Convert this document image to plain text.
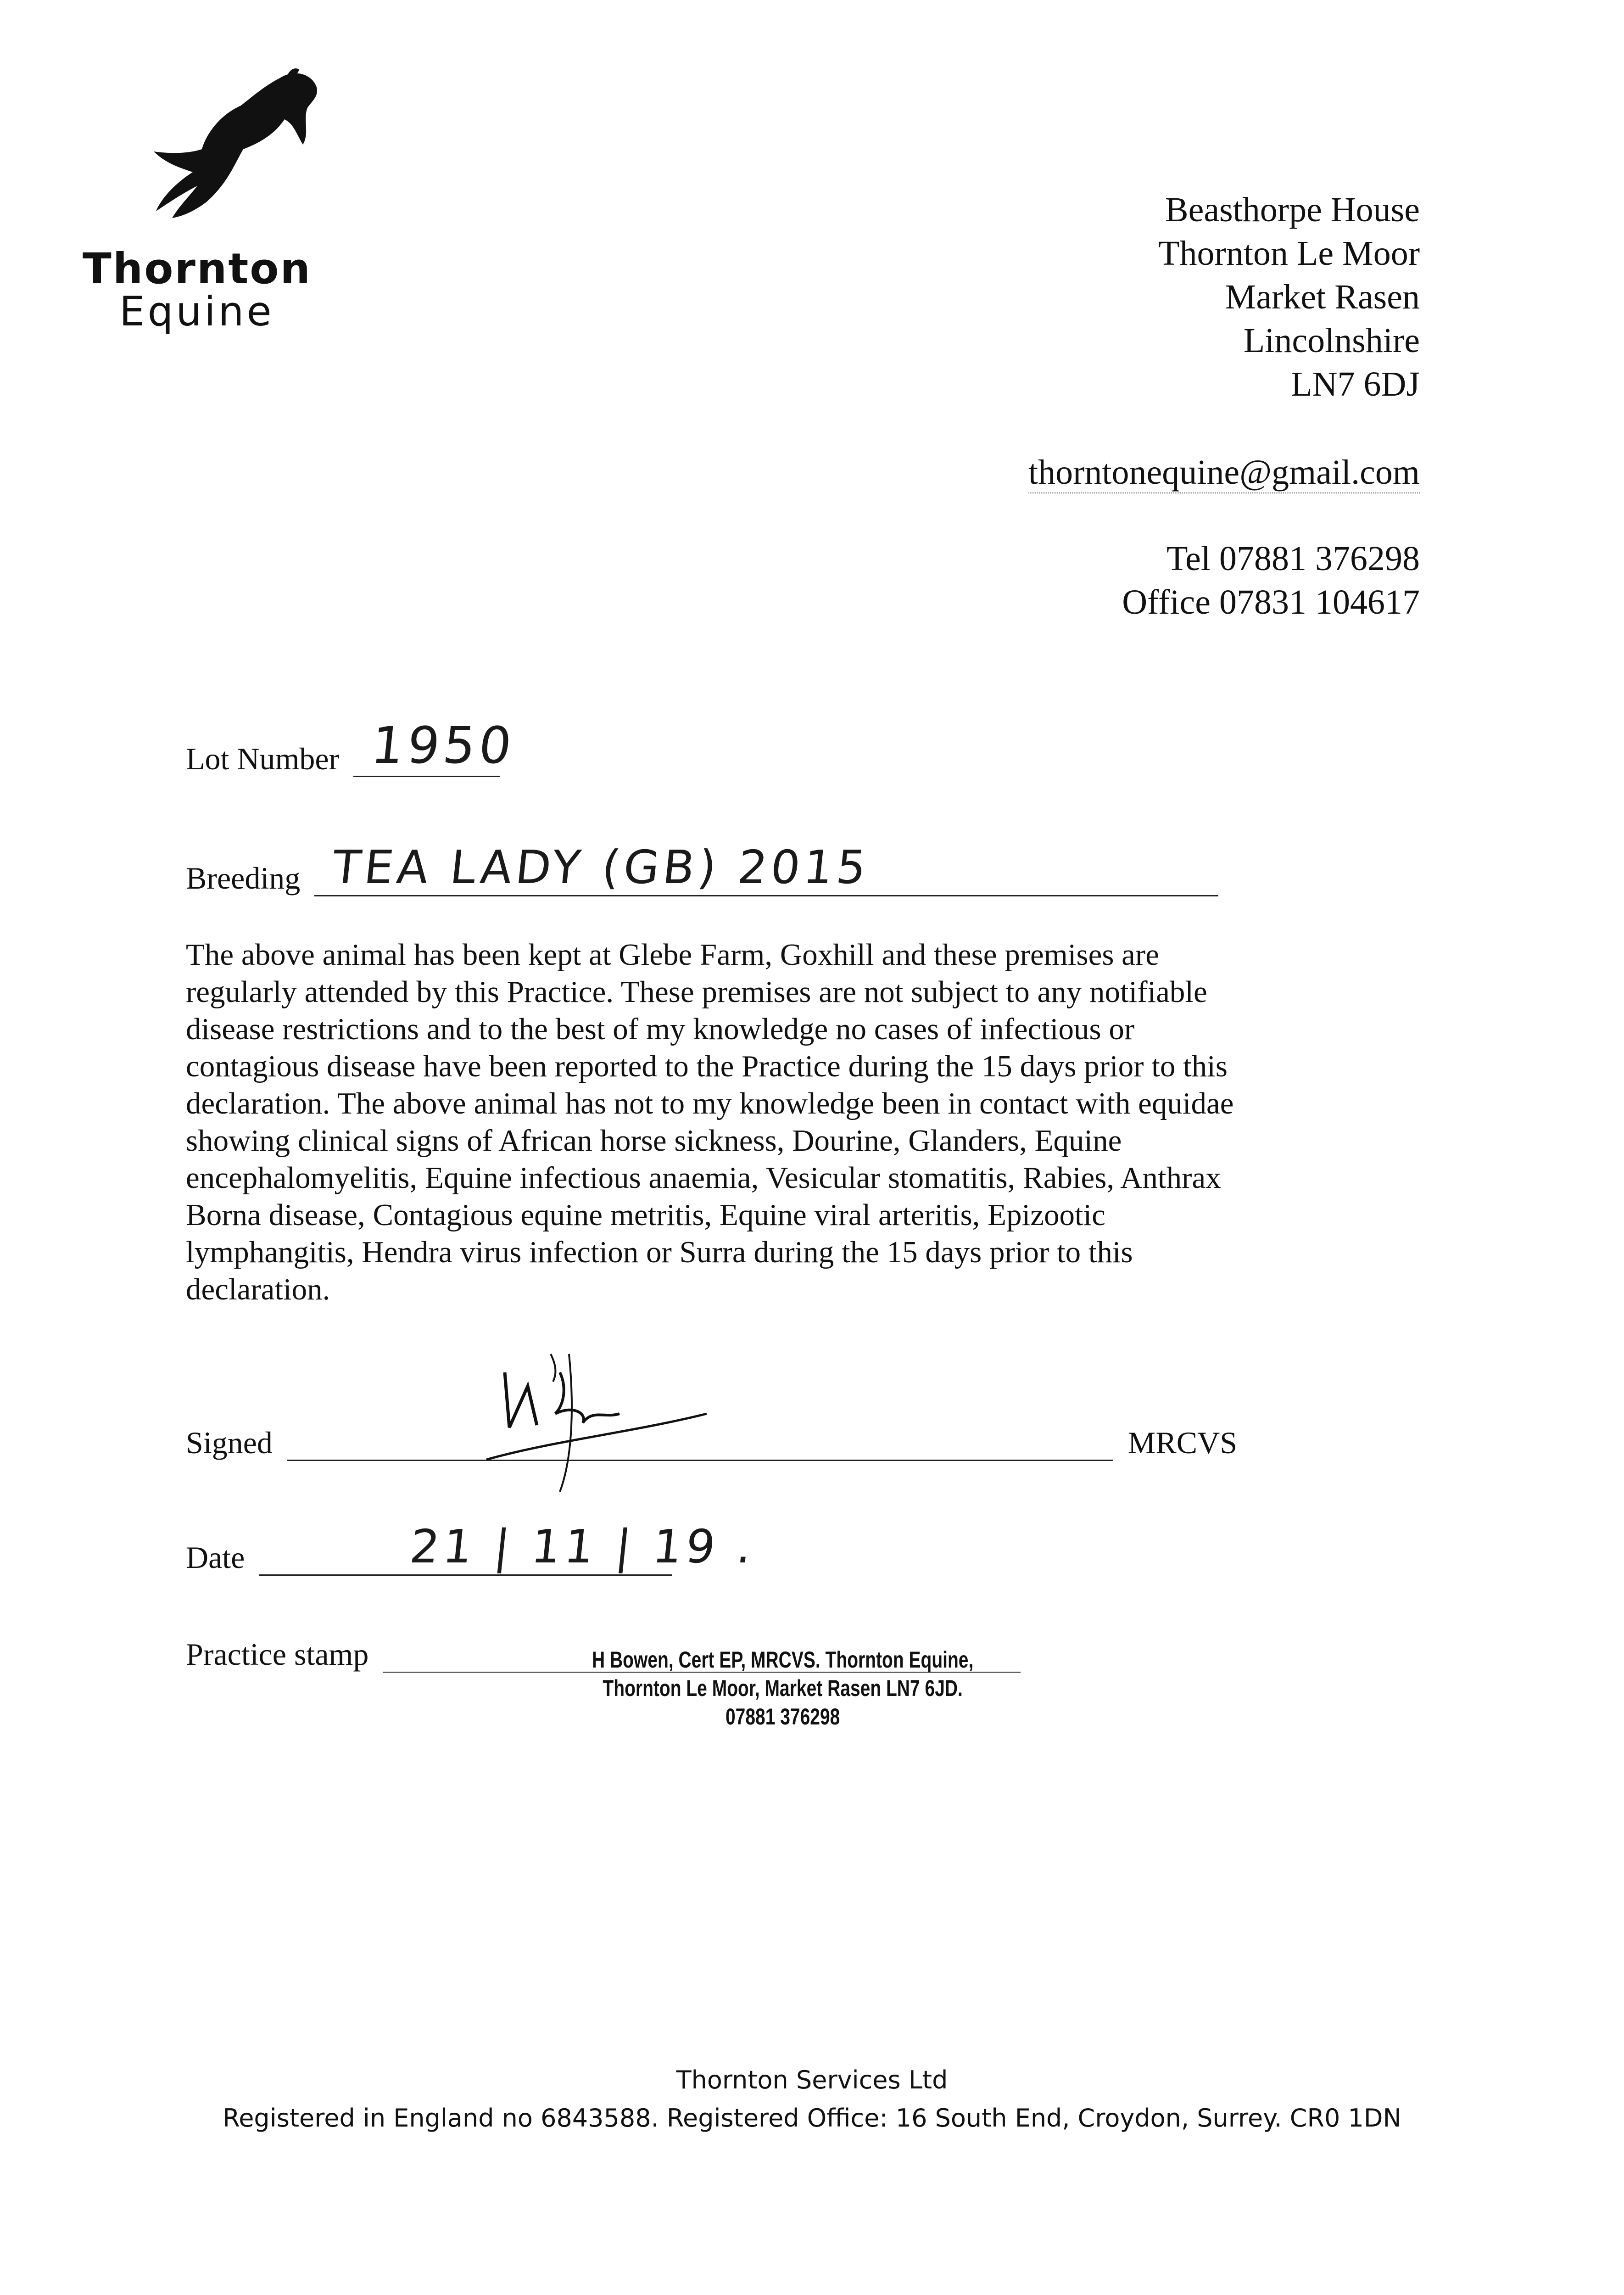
Thornton
Equine
Beasthorpe House
Thornton Le Moor
Market Rasen
Lincolnshire
LN7 6DJ
thorntonequine@gmail.com
Tel 07881 376298
Office 07831 104617
Lot Number 1950
Breeding TEA LADY (GB) 2015

The above animal has been kept at Glebe Farm, Goxhill and these premises are regularly attended by this Practice. These premises are not subject to any notifiable disease restrictions and to the best of my knowledge no cases of infectious or contagious disease have been reported to the Practice during the 15 days prior to this declaration. The above animal has not to my knowledge been in contact with equidae showing clinical signs of African horse sickness, Dourine, Glanders, Equine encephalomyelitis, Equine infectious anaemia, Vesicular stomatitis, Rabies, Anthrax Borna disease, Contagious equine metritis, Equine viral arteritis, Epizootic lymphangitis, Hendra virus infection or Surra during the 15 days prior to this declaration.

Signed	MRCVS
Date	21 | 11 | 19 .
Practice stamp	H Bowen, Cert EP, MRCVS. Thornton Equine,
Thornton Le Moor, Market Rasen LN7 6JD.
07881 376298
Thornton Services Ltd
Registered in England no 6843588. Registered Office: 16 South End, Croydon, Surrey. CR0 1DN
